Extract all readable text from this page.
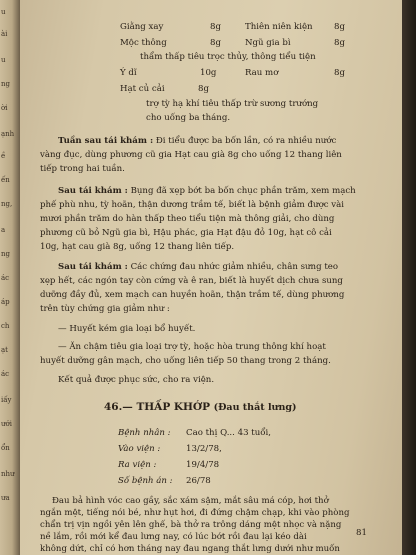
u
ài
u
ng
ời
ạnh
ề
ến
ng,
a
ng
ác
áp
ch
ạt
ác
iấy
ưới
ổn
như
ưa
Giằng xay	8g	Thiên niên kiện 8g
Mộc thông	8g	Ngũ gia bì	8g
thẩm thấp tiêu trọc thủy, thông tiểu tiện
Ý dĩ	10g	Rau mơ	8g
Hạt củ cải	8g
trợ tỳ hạ khí tiêu thấp trừ sương trướng
cho uống ba tháng.
Tuần sau tái khám : Đi tiểu được ba bốn lần, có ra nhiều nước
vàng đục, dùng phương cũ gia Hạt cau già 8g cho uống 12 thang liên
tiếp trong hai tuần.
Sau tái khám : Bụng đã xẹp bớt ba bốn chục phần trăm, xem mạch
phế phù nhu, tỳ hoãn, thận dương trầm tế, biết là bệnh giảm được vài
mươi phần trăm do hàn thấp theo tiểu tiện mà thông giải, cho dùng
phương cũ bỏ Ngũ gia bì, Hậu phác, gia Hạt đậu đỏ 10g, hạt cô cải
10g, hạt cau già 8g, uống 12 thang liên tiếp.
Sau tái khám : Các chứng đau nhức giảm nhiều, chân sưng teo
xẹp hết, các ngón tay còn cứng và ê ran, biết là huyết dịch chưa sung
dưỡng đầy đủ, xem mạch can huyền hoãn, thận trầm tế, dùng phương
trên tùy chứng gia giảm như :
— Huyết kém gia loại bổ huyết.
— Ăn chậm tiêu gia loại trợ tỳ, hoặc hòa trung thông khí hoạt
huyết dưỡng gân mạch, cho uống liên tiếp 50 thang trong 2 tháng.
Kết quả được phục sức, cho ra viện.
46.— THẤP KHỚP (Đau thắt lưng)
Bệnh nhân : Cao thị Q... 43 tuổi,
Vào viện :	13/2/78,
Ra viện :	19/4/78
Số bệnh án : 26/78
Đau bả hình vóc cao gầy, sắc xám sậm, mắt sâu má cóp, hơi thở
ngắn mệt, tiếng nói bé, như hụt hơi, đi đứng chậm chạp, khi vào phòng
chẩn trị vịn ngồi yên lên ghế, bà thở ra trông dáng mệt nhọc và nặng
nề lắm, rồi mới kể đau lưng nay, có lúc bớt rồi đau lại kéo dài
không dứt, chỉ có hơn tháng nay đau ngang thắt lưng dưới như muốn
81
